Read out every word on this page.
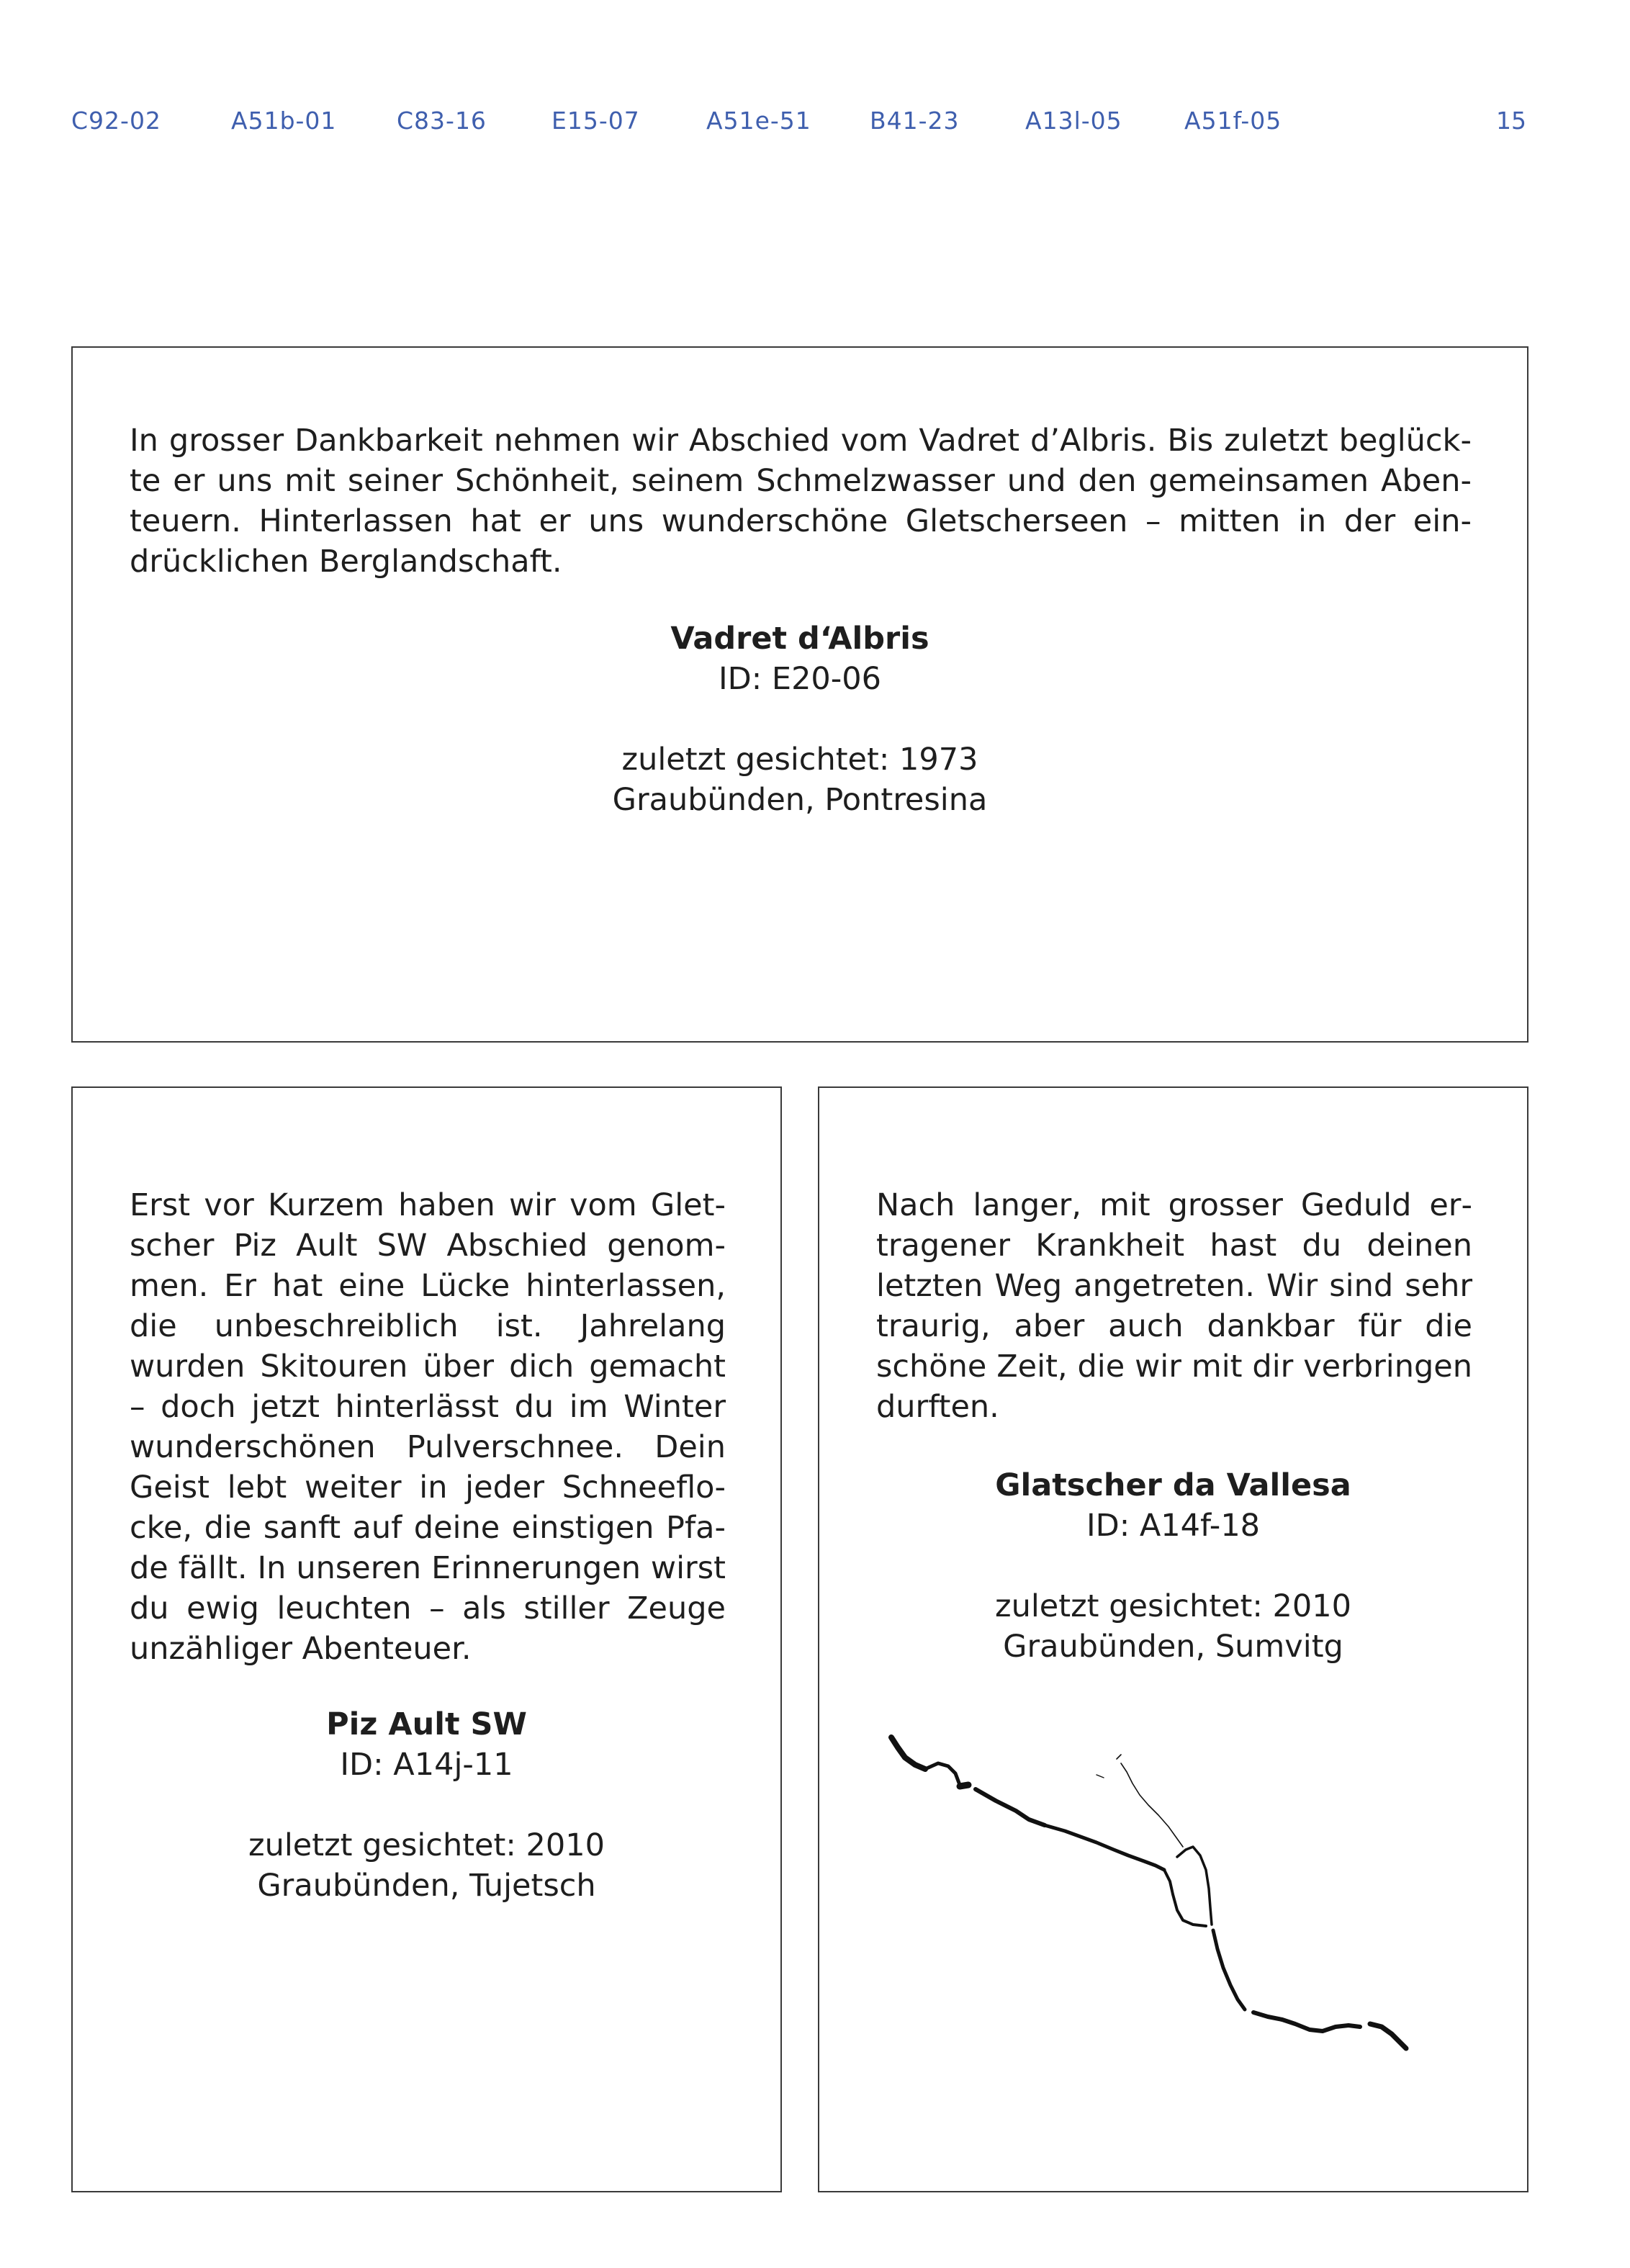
C92-02	A51b-01	C83-16	E15-07	A51e-51 B41-23	A13l-05	A51f-05	15

In grosser Dankbarkeit nehmen wir Abschied vom Vadret d’Albris. Bis zuletzt beglückte er uns mit seiner Schönheit, seinem Schmelzwasser und den gemeinsamen Abenteuern. Hinterlassen hat er uns wunderschöne Gletscherseen – mitten in der eindrücklichen Berglandschaft.

Vadret d‘Albris
ID: E20-06
zuletzt gesichtet: 1973
Graubünden, Pontresina

Erst vor Kurzem haben wir vom Gletscher Piz Ault SW Abschied genommen. Er hat eine Lücke hinterlassen, die unbeschreiblich ist. Jahrelang wurden Skitouren über dich gemacht – doch jetzt hinterlässt du im Winter wunderschönen Pulverschnee. Dein Geist lebt weiter in jeder Schneeflocke, die sanft auf deine einstigen Pfade fällt. In unseren Erinnerungen wirst du ewig leuchten – als stiller Zeuge unzähliger Abenteuer.

Piz Ault SW
ID: A14j-11
zuletzt gesichtet: 2010
Graubünden, Tujetsch

Nach langer, mit grosser Geduld ertragener Krankheit hast du deinen letzten Weg angetreten. Wir sind sehr traurig, aber auch dankbar für die schöne Zeit, die wir mit dir verbringen durften.

Glatscher da Vallesa
ID: A14f-18
zuletzt gesichtet: 2010
Graubünden, Sumvitg
